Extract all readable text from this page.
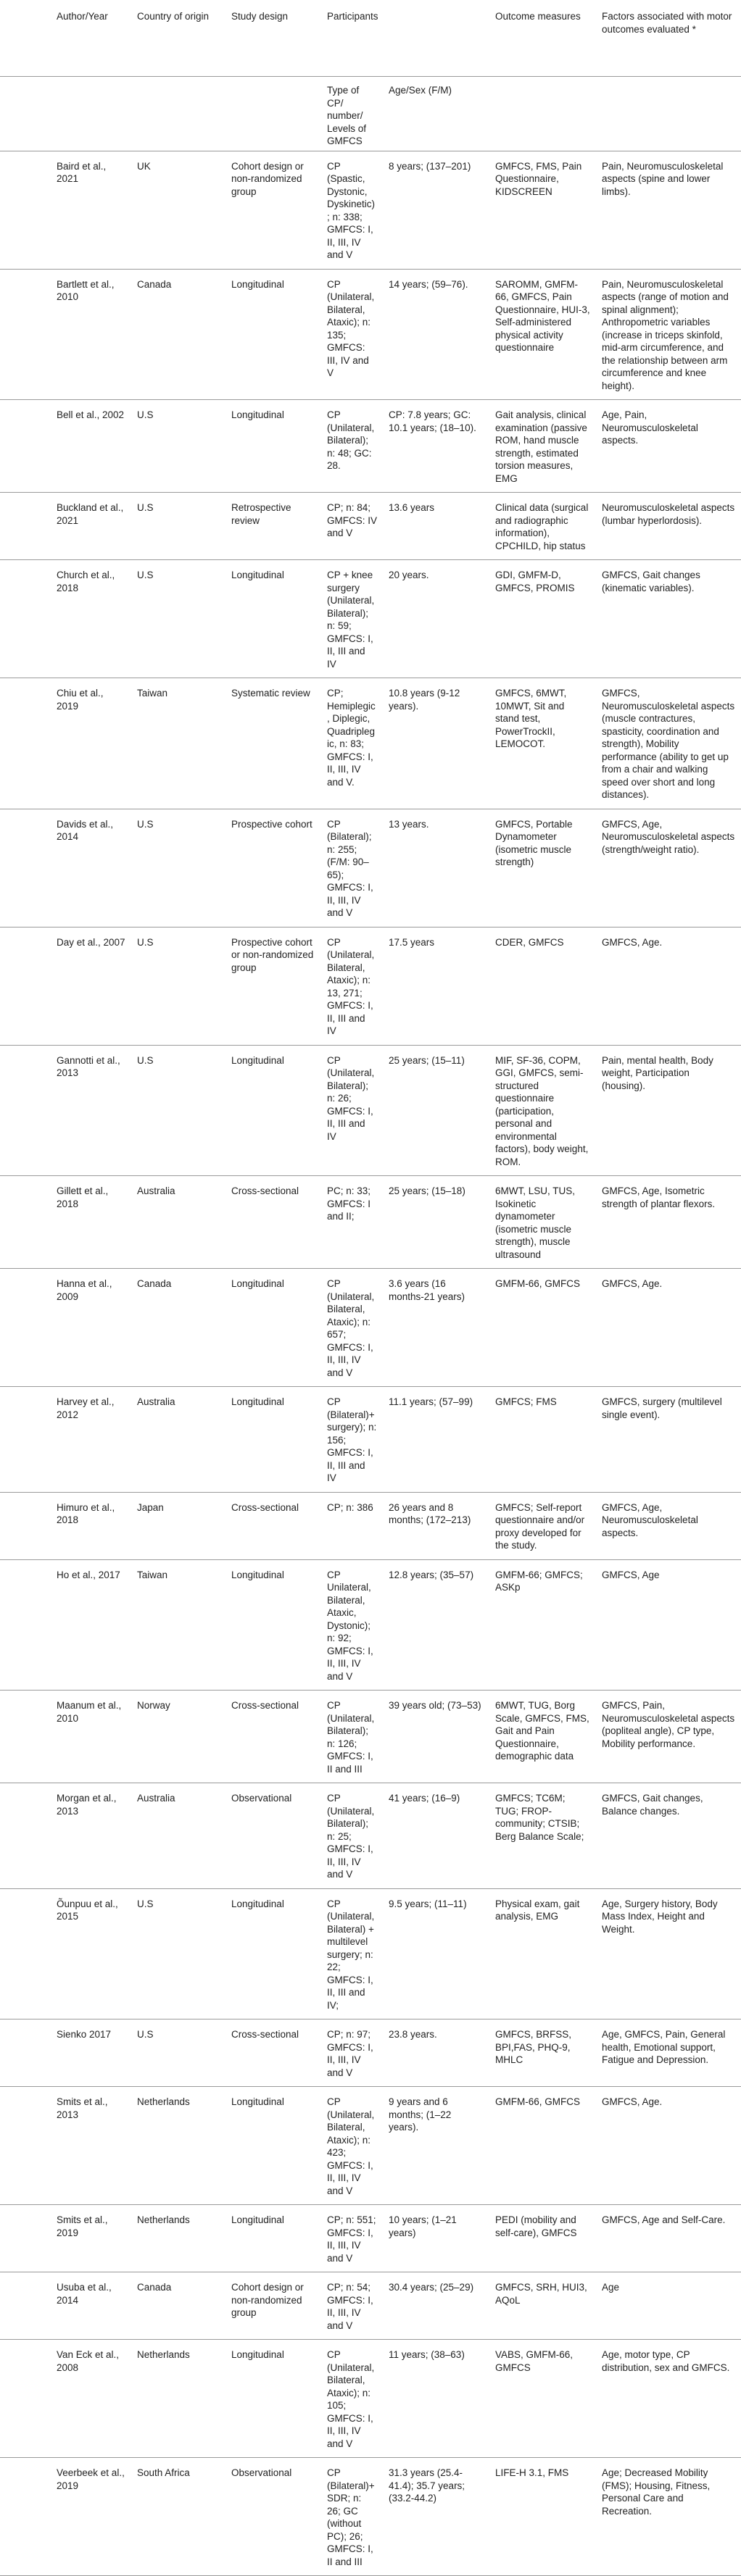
	Author/Year	Country of origin	Study design	Participants		Outcome measures	Factors associated with motor outcomes evaluated *
				Type of CP/ number/ Levels of GMFCS	Age/Sex (F/M)		
	Baird et al., 2021	UK	Cohort design or non-randomized group	CP (Spastic, Dystonic, Dyskinetic); n: 338; GMFCS: I, II, III, IV and V	8 years; (137–201)	GMFCS, FMS, Pain Questionnaire, KIDSCREEN	Pain, Neuromusculoskeletal aspects (spine and lower limbs).
	Bartlett et al., 2010	Canada	Longitudinal	CP (Unilateral, Bilateral, Ataxic); n: 135; GMFCS: III, IV and V	14 years; (59–76).	SAROMM, GMFM-66, GMFCS, Pain Questionnaire, HUI-3, Self-administered physical activity questionnaire	Pain, Neuromusculoskeletal aspects (range of motion and spinal alignment); Anthropometric variables (increase in triceps skinfold, mid-arm circumference, and the relationship between arm circumference and knee height).
	Bell et al., 2002	U.S	Longitudinal	CP (Unilateral, Bilateral); n: 48; GC: 28.	CP: 7.8 years; GC: 10.1 years; (18–10).	Gait analysis, clinical examination (passive ROM, hand muscle strength, estimated torsion measures, EMG	Age, Pain, Neuromusculoskeletal aspects.
	Buckland et al., 2021	U.S	Retrospective review	CP; n: 84; GMFCS: IV and V	13.6 years	Clinical data (surgical and radiographic information), CPCHILD, hip status	Neuromusculoskeletal aspects (lumbar hyperlordosis).
	Church et al., 2018	U.S	Longitudinal	CP + knee surgery (Unilateral, Bilateral); n: 59; GMFCS: I, II, III and IV	20 years.	GDI, GMFM-D, GMFCS, PROMIS	GMFCS, Gait changes (kinematic variables).
	Chiu et al., 2019	Taiwan	Systematic review	CP; Hemiplegic, Diplegic, Quadriplegic, n: 83; GMFCS: I, II, III, IV and V.	10.8 years (9-12 years).	GMFCS, 6MWT, 10MWT, Sit and stand test, PowerTrockII, LEMOCOT.	GMFCS, Neuromusculoskeletal aspects (muscle contractures, spasticity, coordination and strength), Mobility performance (ability to get up from a chair and walking speed over short and long distances).
	Davids et al., 2014	U.S	Prospective cohort	CP (Bilateral); n: 255; (F/M: 90–65); GMFCS: I, II, III, IV and V	13 years.	GMFCS, Portable Dynamometer (isometric muscle strength)	GMFCS, Age, Neuromusculoskeletal aspects (strength/weight ratio).
	Day et al., 2007	U.S	Prospective cohort or non-randomized group	CP (Unilateral, Bilateral, Ataxic); n: 13, 271; GMFCS: I, II, III and IV	17.5 years	CDER, GMFCS	GMFCS, Age.
	Gannotti et al., 2013	U.S	Longitudinal	CP (Unilateral, Bilateral); n: 26; GMFCS: I, II, III and IV	25 years; (15–11)	MIF, SF-36, COPM, GGI, GMFCS, semi-structured questionnaire (participation, personal and environmental factors), body weight, ROM.	Pain, mental health, Body weight, Participation (housing).
	Gillett et al., 2018	Australia	Cross-sectional	PC; n: 33; GMFCS: I and II;	25 years; (15–18)	6MWT, LSU, TUS, Isokinetic dynamometer (isometric muscle strength), muscle ultrasound	GMFCS, Age, Isometric strength of plantar flexors.
	Hanna et al., 2009	Canada	Longitudinal	CP (Unilateral, Bilateral, Ataxic); n: 657; GMFCS: I, II, III, IV and V	3.6 years (16 months-21 years)	GMFM-66, GMFCS	GMFCS, Age.
	Harvey et al., 2012	Australia	Longitudinal	CP (Bilateral)+surgery); n: 156; GMFCS: I, II, III and IV	11.1 years; (57–99)	GMFCS; FMS	GMFCS, surgery (multilevel single event).
	Himuro et al., 2018	Japan	Cross-sectional	CP; n: 386	26 years and 8 months; (172–213)	GMFCS; Self-report questionnaire and/or proxy developed for the study.	GMFCS, Age, Neuromusculoskeletal aspects.
	Ho et al., 2017	Taiwan	Longitudinal	CP Unilateral, Bilateral, Ataxic, Dystonic); n: 92; GMFCS: I, II, III, IV and V	12.8 years; (35–57)	GMFM-66; GMFCS; ASKp	GMFCS, Age
	Maanum et al., 2010	Norway	Cross-sectional	CP (Unilateral, Bilateral); n: 126; GMFCS: I, II and III	39 years old; (73–53)	6MWT, TUG, Borg Scale, GMFCS, FMS, Gait and Pain Questionnaire, demographic data	GMFCS, Pain, Neuromusculoskeletal aspects (popliteal angle), CP type, Mobility performance.
	Morgan et al., 2013	Australia	Observational	CP (Unilateral, Bilateral); n: 25; GMFCS: I, II, III, IV and V	41 years; (16–9)	GMFCS; TC6M; TUG; FROP-community; CTSIB; Berg Balance Scale;	GMFCS, Gait changes, Balance changes.
	Õunpuu et al., 2015	U.S	Longitudinal	CP (Unilateral, Bilateral) + multilevel surgery; n: 22; GMFCS: I, II, III and IV;	9.5 years; (11–11)	Physical exam, gait analysis, EMG	Age, Surgery history, Body Mass Index, Height and Weight.
	Sienko 2017	U.S	Cross-sectional	CP; n: 97; GMFCS: I, II, III, IV and V	23.8 years.	GMFCS, BRFSS, BPI,FAS, PHQ-9, MHLC	Age, GMFCS, Pain, General health, Emotional support, Fatigue and Depression.
	Smits et al., 2013	Netherlands	Longitudinal	CP (Unilateral, Bilateral, Ataxic); n: 423; GMFCS: I, II, III, IV and V	9 years and 6 months; (1–22 years).	GMFM-66, GMFCS	GMFCS, Age.
	Smits et al., 2019	Netherlands	Longitudinal	CP; n: 551; GMFCS: I, II, III, IV and V	10 years; (1–21 years)	PEDI (mobility and self-care), GMFCS	GMFCS, Age and Self-Care.
	Usuba et al., 2014	Canada	Cohort design or non-randomized group	CP; n: 54; GMFCS: I, II, III, IV and V	30.4 years; (25–29)	GMFCS, SRH, HUI3, AQoL	Age
	Van Eck et al., 2008	Netherlands	Longitudinal	CP (Unilateral, Bilateral, Ataxic); n: 105; GMFCS: I, II, III, IV and V	11 years; (38–63)	VABS, GMFM-66, GMFCS	Age, motor type, CP distribution, sex and GMFCS.
	Veerbeek et al., 2019	South Africa	Observational	CP (Bilateral)+SDR; n: 26; GC (without PC); 26; GMFCS: I, II and III	31.3 years (25.4-41.4); 35.7 years; (33.2-44.2)	LIFE-H 3.1, FMS	Age; Decreased Mobility (FMS); Housing, Fitness, Personal Care and Recreation.
